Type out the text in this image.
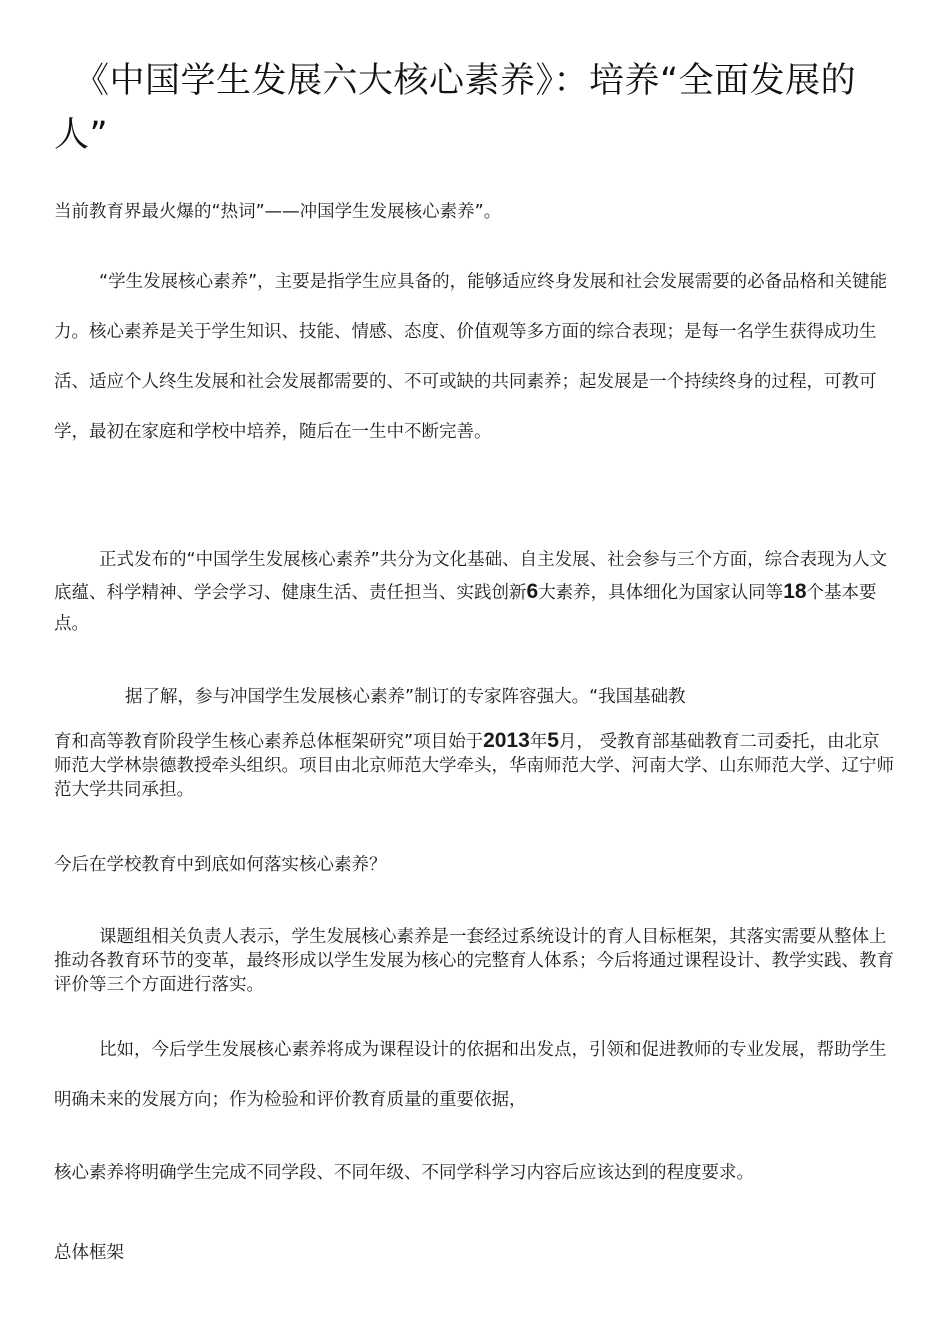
《中国学生发展六大核心素养》：培养“全面发展的人”

当前教育界最火爆的“热词”——冲国学生发展核心素养”。

“学生发展核心素养”，主要是指学生应具备的，能够适应终身发展和社会发展需要的必备品格和关键能力。核心素养是关于学生知识、技能、情感、态度、价值观等多方面的综合表现；是每一名学生获得成功生活、适应个人终生发展和社会发展都需要的、不可或缺的共同素养；起发展是一个持续终身的过程，可教可学，最初在家庭和学校中培养，随后在一生中不断完善。

正式发布的“中国学生发展核心素养”共分为文化基础、自主发展、社会参与三个方面，综合表现为人文底蕴、科学精神、学会学习、健康生活、责任担当、实践创新6大素养，具体细化为国家认同等18个基本要点。

据了解，参与冲国学生发展核心素养”制订的专家阵容强大。“我国基础教

育和高等教育阶段学生核心素养总体框架研究”项目始于2013年5月， 受教育部基础教育二司委托，由北京师范大学林崇德教授牵头组织。项目由北京师范大学牵头，华南师范大学、河南大学、山东师范大学、辽宁师范大学共同承担。

今后在学校教育中到底如何落实核心素养？

课题组相关负责人表示，学生发展核心素养是一套经过系统设计的育人目标框架，其落实需要从整体上推动各教育环节的变革，最终形成以学生发展为核心的完整育人体系；今后将通过课程设计、教学实践、教育评价等三个方面进行落实。

比如，今后学生发展核心素养将成为课程设计的依据和出发点，引领和促进教师的专业发展，帮助学生明确未来的发展方向；作为检验和评价教育质量的重要依据，

核心素养将明确学生完成不同学段、不同年级、不同学科学习内容后应该达到的程度要求。
总体框架
